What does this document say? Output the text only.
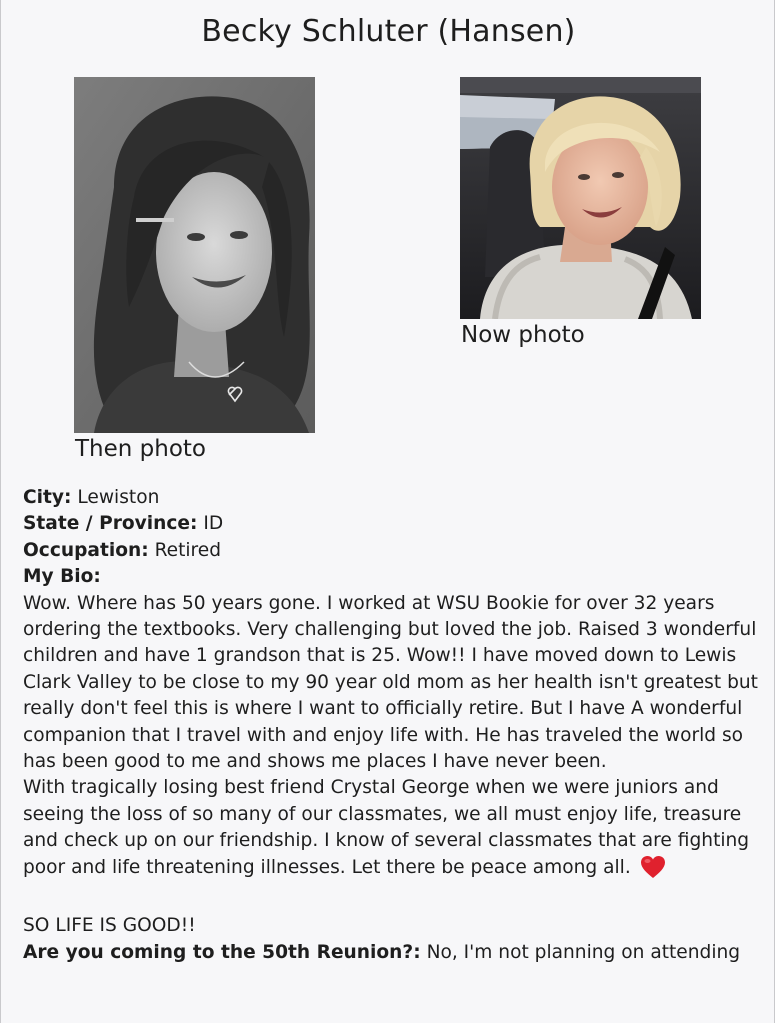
Becky Schluter (Hansen)
Then photo
Now photo
City: Lewiston
State / Province: ID
Occupation: Retired
My Bio:
Wow. Where has 50 years gone. I worked at WSU Bookie for over 32 years ordering the textbooks. Very challenging but loved the job. Raised 3 wonderful children and have 1 grandson that is 25. Wow!! I have moved down to Lewis Clark Valley to be close to my 90 year old mom as her health isn't greatest but really don't feel this is where I want to officially retire. But I have A wonderful companion that I travel with and enjoy life with. He has traveled the world so has been good to me and shows me places I have never been.
With tragically losing best friend Crystal George when we were juniors and seeing the loss of so many of our classmates, we all must enjoy life, treasure and check up on our friendship. I know of several classmates that are fighting poor and life threatening illnesses. Let there be peace among all.
SO LIFE IS GOOD!!
Are you coming to the 50th Reunion?: No, I'm not planning on attending
